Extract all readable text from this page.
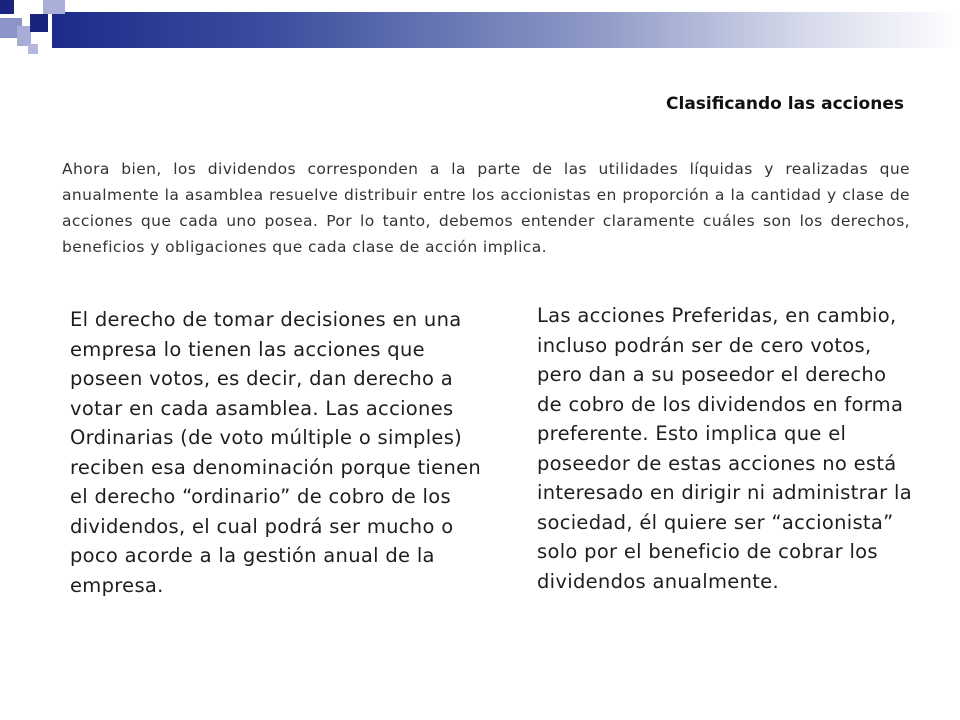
Clasificando las acciones

Ahora bien, los dividendos corresponden a la parte de las utilidades líquidas y realizadas que anualmente la asamblea resuelve distribuir entre los accionistas en proporción a la cantidad y clase de acciones que cada uno posea. Por lo tanto, debemos entender claramente cuáles son los derechos, beneficios y obligaciones que cada clase de acción implica.

El derecho de tomar decisiones en una empresa lo tienen las acciones que poseen votos, es decir, dan derecho a votar en cada asamblea. Las acciones Ordinarias (de voto múltiple o simples) reciben esa denominación porque tienen el derecho “ordinario” de cobro de los dividendos, el cual podrá ser mucho o poco acorde a la gestión anual de la empresa.

Las acciones Preferidas, en cambio, incluso podrán ser de cero votos, pero dan a su poseedor el derecho de cobro de los dividendos en forma preferente. Esto implica que el poseedor de estas acciones no está interesado en dirigir ni administrar la sociedad, él quiere ser “accionista” solo por el beneficio de cobrar los dividendos anualmente.
